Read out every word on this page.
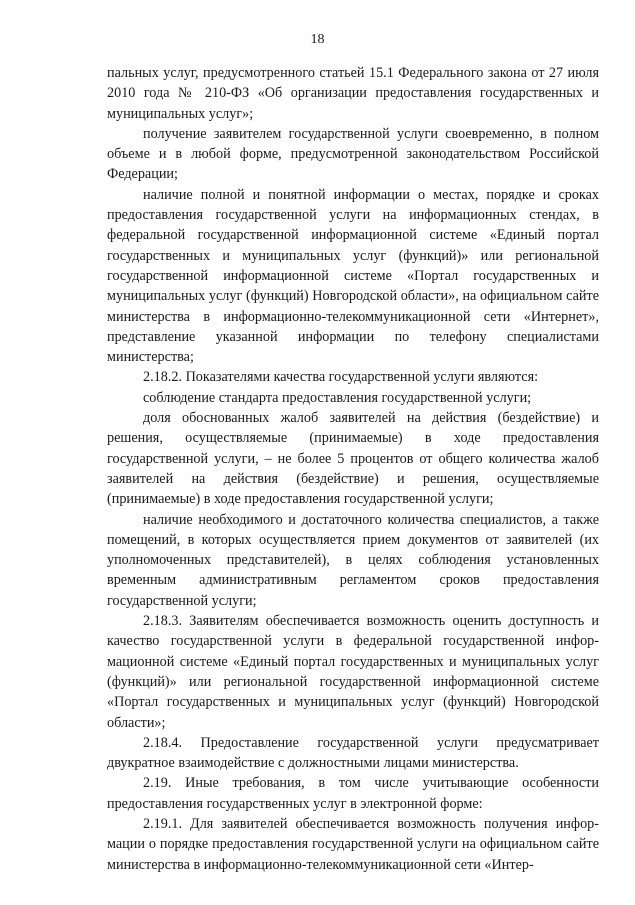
18

пальных услуг, предусмотренного статьей 15.1 Федерального закона от 27 июля 2010 года № 210-ФЗ «Об организации предоставления государственных и муниципальных услуг»;

получение заявителем государственной услуги своевременно, в полном объеме и в любой форме, предусмотренной законодательством Российской Федерации;

наличие полной и понятной информации о местах, порядке и сроках предоставления государственной услуги на информационных стендах, в федеральной государственной информационной системе «Единый портал государственных и муниципальных услуг (функций)» или региональной государственной информационной системе «Портал государственных и муниципальных услуг (функций) Новгородской области», на официальном сайте министерства в информационно-телекоммуникационной сети «Интернет», представление указанной информации по телефону специалистами министерства;

2.18.2. Показателями качества государственной услуги являются:

соблюдение стандарта предоставления государственной услуги;

доля обоснованных жалоб заявителей на действия (бездействие) и решения, осуществляемые (принимаемые) в ходе предоставления государственной услуги, – не более 5 процентов от общего количества жалоб заявителей на действия (бездействие) и решения, осуществляемые (принимаемые) в ходе предоставления государственной услуги;

наличие необходимого и достаточного количества специалистов, а также помещений, в которых осуществляется прием документов от заявителей (их уполномоченных представителей), в целях соблюдения установленных временным административным регламентом сроков предоставления государственной услуги;

2.18.3. Заявителям обеспечивается возможность оценить доступность и качество государственной услуги в федеральной государственной информационной системе «Единый портал государственных и муниципальных услуг (функций)» или региональной государственной информационной системе «Портал государственных и муниципальных услуг (функций) Новгородской области»;

2.18.4. Предоставление государственной услуги предусматривает двукратное взаимодействие с должностными лицами министерства.

2.19. Иные требования, в том числе учитывающие особенности предоставления государственных услуг в электронной форме:

2.19.1. Для заявителей обеспечивается возможность получения информации о порядке предоставления государственной услуги на официальном сайте министерства в информационно-телекоммуникационной сети «Интер-
